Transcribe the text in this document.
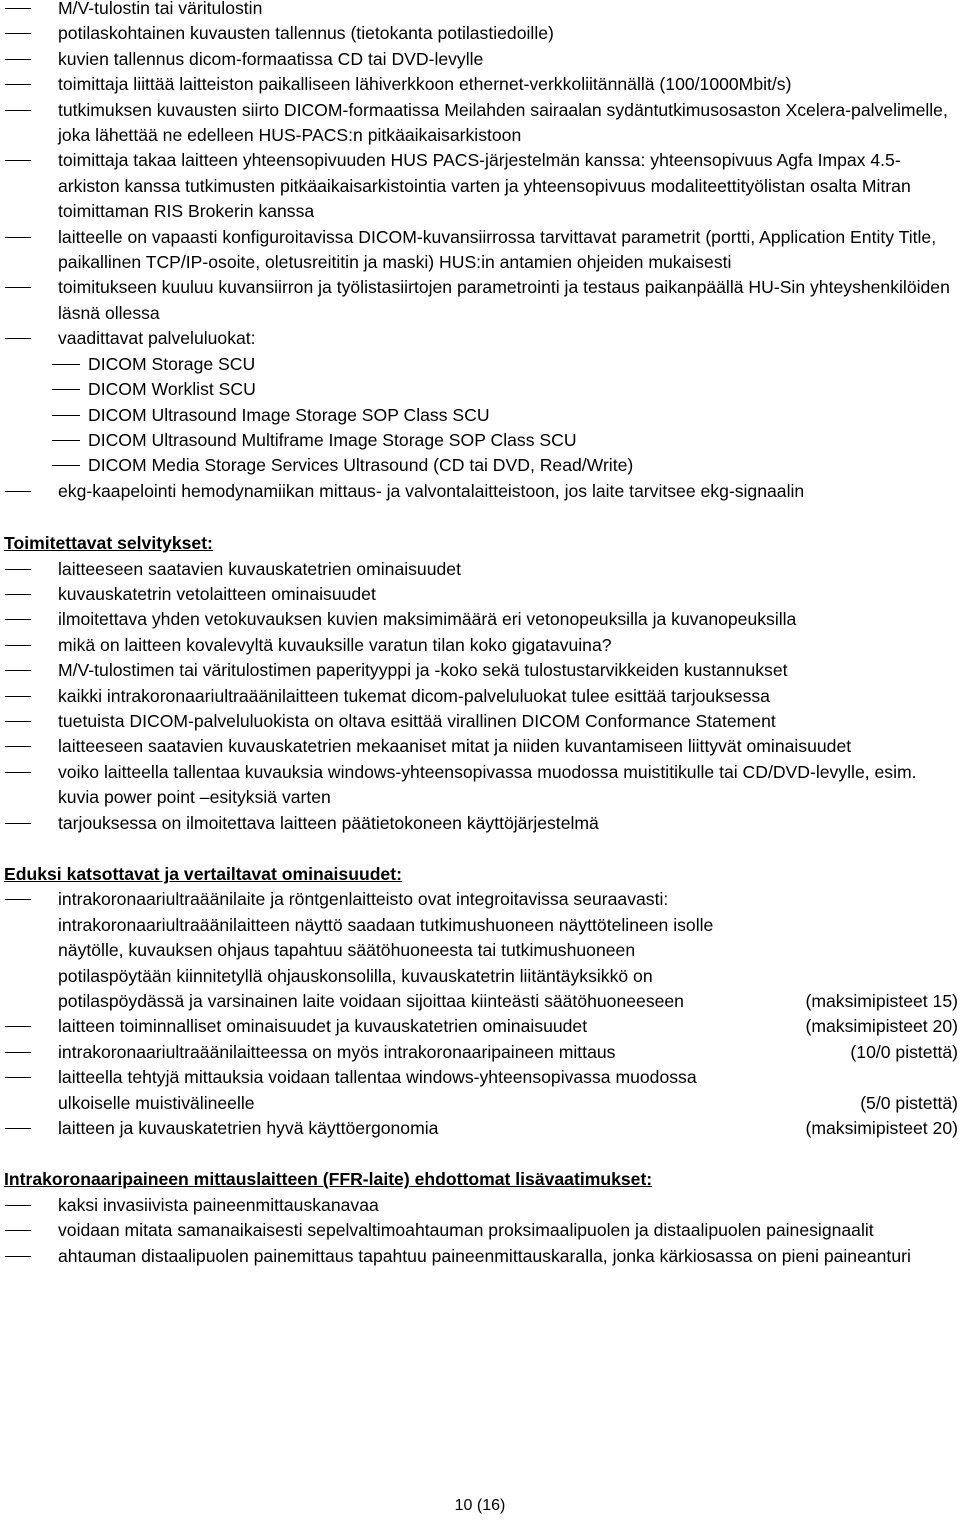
M/V-tulostin tai väritulostin
potilaskohtainen kuvausten tallennus (tietokanta potilastiedoille)
kuvien tallennus dicom-formaatissa CD tai DVD-levylle
toimittaja liittää laitteiston paikalliseen lähiverkkoon ethernet-verkkoliitännällä (100/1000Mbit/s)
tutkimuksen kuvausten siirto DICOM-formaatissa Meilahden sairaalan sydäntutkimusosaston Xcelera-palvelimelle, joka lähettää ne edelleen HUS-PACS:n pitkäaikaisarkistoon
toimittaja takaa laitteen yhteensopivuuden HUS PACS-järjestelmän kanssa: yhteensopivuus Agfa Impax 4.5-arkiston kanssa tutkimusten pitkäaikaisarkistointia varten ja yhteensopivuus modaliteettityölistan osalta Mitran toimittaman RIS Brokerin kanssa
laitteelle on vapaasti konfiguroitavissa DICOM-kuvansiirrossa tarvittavat parametrit (portti, Application Entity Title, paikallinen TCP/IP-osoite, oletusreititin ja maski) HUS:in antamien ohjeiden mukaisesti
toimitukseen kuuluu kuvansiirron ja työlistasiirtojen parametrointi ja testaus paikanpäällä HU-Sin yhteyshenkilöiden läsnä ollessa
vaadittavat palveluluokat:
DICOM Storage SCU
DICOM Worklist SCU
DICOM Ultrasound Image Storage SOP Class SCU
DICOM Ultrasound Multiframe Image Storage SOP Class SCU
DICOM Media Storage Services Ultrasound (CD tai DVD, Read/Write)
ekg-kaapelointi hemodynamiikan mittaus- ja valvontalaitteistoon, jos laite tarvitsee ekg-signaalin
Toimitettavat selvitykset:
laitteeseen saatavien kuvauskatetrien ominaisuudet
kuvauskatetrin vetolaitteen ominaisuudet
ilmoitettava yhden vetokuvauksen kuvien maksimimäärä eri vetonopeuksilla ja kuvanopeuksilla
mikä on laitteen kovalevyltä kuvauksille varatun tilan koko gigatavuina?
M/V-tulostimen tai väritulostimen paperityyppi ja -koko sekä tulostustarvikkeiden kustannukset
kaikki intrakoronaariultraäänilaitteen tukemat dicom-palveluluokat tulee esittää tarjouksessa
tuetuista DICOM-palveluluokista on oltava esittää virallinen DICOM Conformance Statement
laitteeseen saatavien kuvauskatetrien mekaaniset mitat ja niiden kuvantamiseen liittyvät ominaisuudet
voiko laitteella tallentaa kuvauksia windows-yhteensopivassa muodossa muistitikulle tai CD/DVD-levylle, esim. kuvia power point –esityksiä varten
tarjouksessa on ilmoitettava laitteen päätietokoneen käyttöjärjestelmä
Eduksi katsottavat ja vertailtavat ominaisuudet:
intrakoronaariultraäänilaite ja röntgenlaitteisto ovat integroitavissa seuraavasti: intrakoronaariultraäänilaitteen näyttö saadaan tutkimushuoneen näyttötelineen isolle näytölle, kuvauksen ohjaus tapahtuu säätöhuoneesta tai tutkimushuoneen potilaspöytään kiinnitetyllä ohjauskonsolilla, kuvauskatetrin liitäntäyksikkö on potilaspöydässä ja varsinainen laite voidaan sijoittaa kiinteästi säätöhuoneeseen	(maksimipisteet 15)
laitteen toiminnalliset ominaisuudet ja kuvauskatetrien ominaisuudet	(maksimipisteet 20)
intrakoronaariultraäänilaitteessa on myös intrakoronaaripaineen mittaus	(10/0 pistettä)
laitteella tehtyjä mittauksia voidaan tallentaa windows-yhteensopivassa muodossa ulkoiselle muistivälineelle	(5/0 pistettä)
laitteen ja kuvauskatetrien hyvä käyttöergonomia	(maksimipisteet 20)
Intrakoronaaripaineen mittauslaitteen (FFR-laite) ehdottomat lisävaatimukset:
kaksi invasiivista paineenmittauskanavaa
voidaan mitata samanaikaisesti sepelvaltimoahtauman proksimaalipuolen ja distaalipuolen painesignaalit
ahtauman distaalipuolen painemittaus tapahtuu paineenmittauskaralla, jonka kärkiosassa on pieni paineanturi
10 (16)
